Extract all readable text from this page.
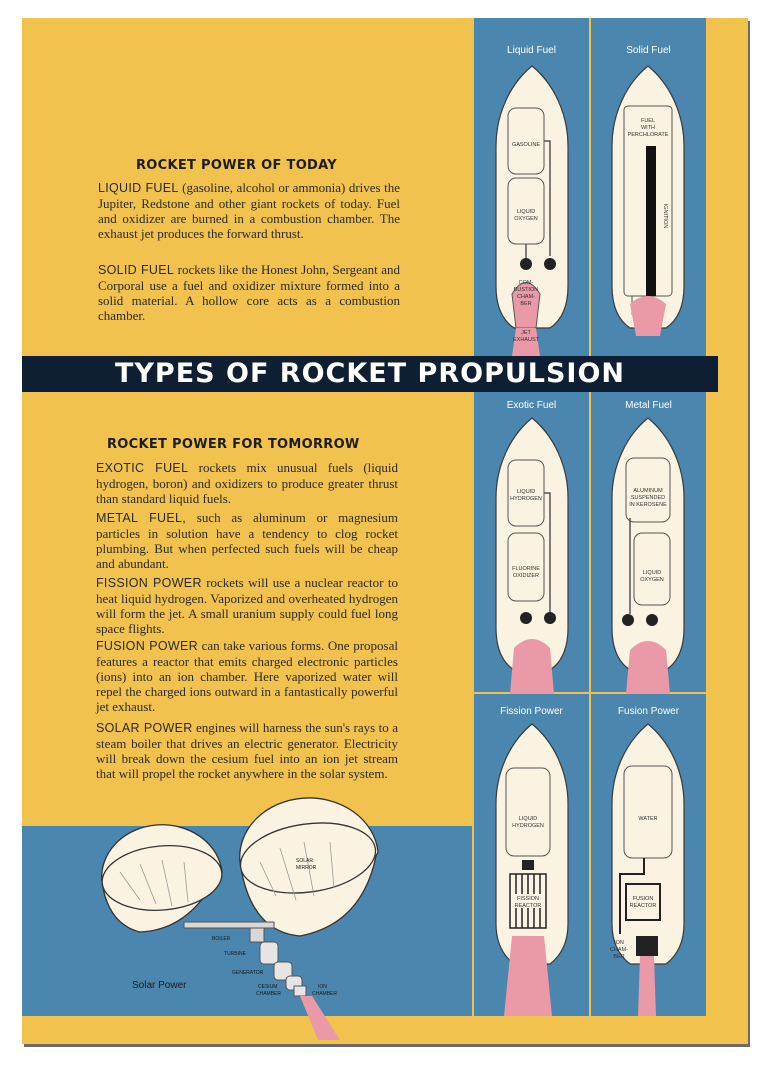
TYPES OF ROCKET PROPULSION
ROCKET POWER OF TODAY

LIQUID FUEL (gasoline, alcohol or ammonia) drives the Jupiter, Redstone and other giant rockets of today. Fuel and oxidizer are burned in a combustion chamber. The exhaust jet produces the forward thrust.

SOLID FUEL rockets like the Honest John, Sergeant and Corporal use a fuel and oxidizer mixture formed into a solid material. A hollow core acts as a combustion chamber.

ROCKET POWER FOR TOMORROW

EXOTIC FUEL rockets mix unusual fuels (liquid hydrogen, boron) and oxidizers to produce greater thrust than standard liquid fuels.

METAL FUEL, such as aluminum or magnesium particles in solution have a tendency to clog rocket plumbing. But when perfected such fuels will be cheap and abundant.

FISSION POWER rockets will use a nuclear reactor to heat liquid hydrogen. Vaporized and overheated hydrogen will form the jet. A small uranium supply could fuel long space flights.

FUSION POWER can take various forms. One proposal features a reactor that emits charged electronic particles (ions) into an ion chamber. Here vaporized water will repel the charged ions outward in a fantastically powerful jet exhaust.

SOLAR POWER engines will harness the sun's rays to a steam boiler that drives an electric generator. Electricity will break down the cesium fuel into an ion jet stream that will propel the rocket anywhere in the solar system.

Liquid Fuel	Solid Fuel
Exotic Fuel	Metal Fuel
Fission Power	Fusion Power
GASOLINE
LIQUID
OXYGEN
COM-
BUSTION
CHAM-
BER
JET
EXHAUST
FUEL
WITH
PERCHLORATE
IGNITION
LIQUID
HYDROGEN
FLUORINE
OXIDIZER
ALUMINUM
SUSPENDED
IN KEROSENE
LIQUID
OXYGEN
LIQUID
HYDROGEN
FISSION
REACTOR
WATER
FUSION
REACTOR
ION
CHAM-
BER
SOLAR
MIRROR
BOILER
TURBINE
GENERATOR
CESIUM
CHAMBER
ION
CHAMBER
Solar Power
